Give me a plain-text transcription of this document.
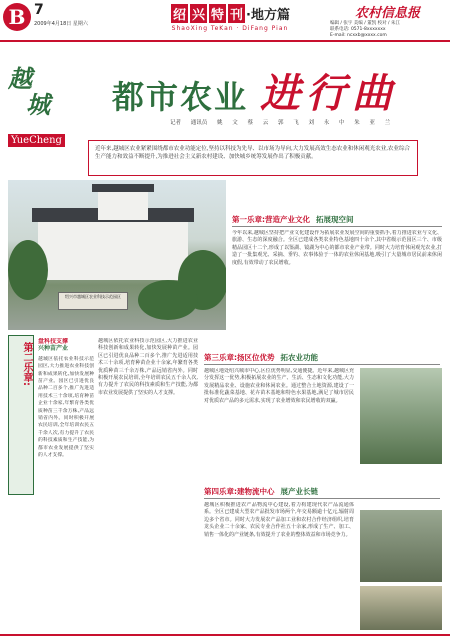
B 7
2009年4月18日 星期六
绍 兴 特 刊 ·地方篇
ShaoXing TeKan · DiFang Pian
农村信息报
编辑 / 张宇 美编 / 董凯 校对 / 朱江
联系电话: 0571-8xxxxxxx
E-mail: ncxxb@xxxx.com
越
城
YueCheng
都市农业 进行曲
记者 通讯员 姚 文 蔡 云 郭 飞 刘 永 中 朱 亚 兰
近年来,越城区农业紧紧围绕都市农业功能定位,坚持以科技为先导、以市场为导向,大力发展高效生态农业和休闲观光农业,农业综合生产能力和效益不断提升,为推进社会主义新农村建设、加快城乡统筹发展作出了积极贡献。
绍兴市越城区农业科技示范园区
第一乐章:营造产业文化 拓展现空间
今年以来,越城区坚持把产业文化建设作为拓展农业发展空间的重要抓手,着力推进农业与文化、旅游、生态的深度融合。全区已建成各类农业特色基地四十余个,其中省级示范园区三个、市级精品园区十二个,形成了以鉴湖、镜湖为中心的都市农业产业带。同时大力培育休闲观光农业,打造了一批集观光、采摘、垂钓、农事体验于一体的农业休闲基地,吸引了大量城市居民前来休闲度假,有效带动了农民增收。
第二乐章:
盘科技支撑
兴种苗产业
越城区依托农业科技示范园区,大力推进农业科技创新和成果转化,加快发展种苗产业。园区已引进优良品种二百多个,推广先进适用技术三十余项,培育种苗企业十余家,年繁育各类优质种苗三千余万株,产品远销省内外。同时积极开展农民培训,全年培训农民五千余人次,有力提升了农民的科技素质和生产技能,为都市农业发展提供了坚实的人才支撑。
越城区依托农业科技示范园区,大力推进农业科技创新和成果转化,加快发展种苗产业。园区已引进优良品种二百多个,推广先进适用技术三十余项,培育种苗企业十余家,年繁育各类优质种苗三千余万株,产品远销省内外。同时积极开展农民培训,全年培训农民五千余人次,有力提升了农民的科技素质和生产技能,为都市农业发展提供了坚实的人才支撑。
第三乐章:扬区位优势 拓农业功能
越城区地处绍兴城市中心,区位优势明显,交通便捷。近年来,越城区充分发挥这一优势,积极拓展农业的生产、生活、生态和文化功能,大力发展精品农业、设施农业和休闲农业。通过整合土地资源,建设了一批标准化蔬菜基地、花卉苗木基地和特色水果基地,满足了城市居民对优质农产品的多元需求,实现了农业增效和农民增收的双赢。
第四乐章:建物流中心 展产业长链
越城区积极推进农产品物流中心建设,着力构建现代农产品流通体系。全区已建成大型农产品批发市场两个,年交易额逾十亿元,辐射周边多个省市。同时大力发展农产品加工业和农村合作经济组织,培育龙头企业二十余家、农民专业合作社五十余家,形成了生产、加工、销售一体化的产业链条,有效提升了农业的整体效益和市场竞争力。
